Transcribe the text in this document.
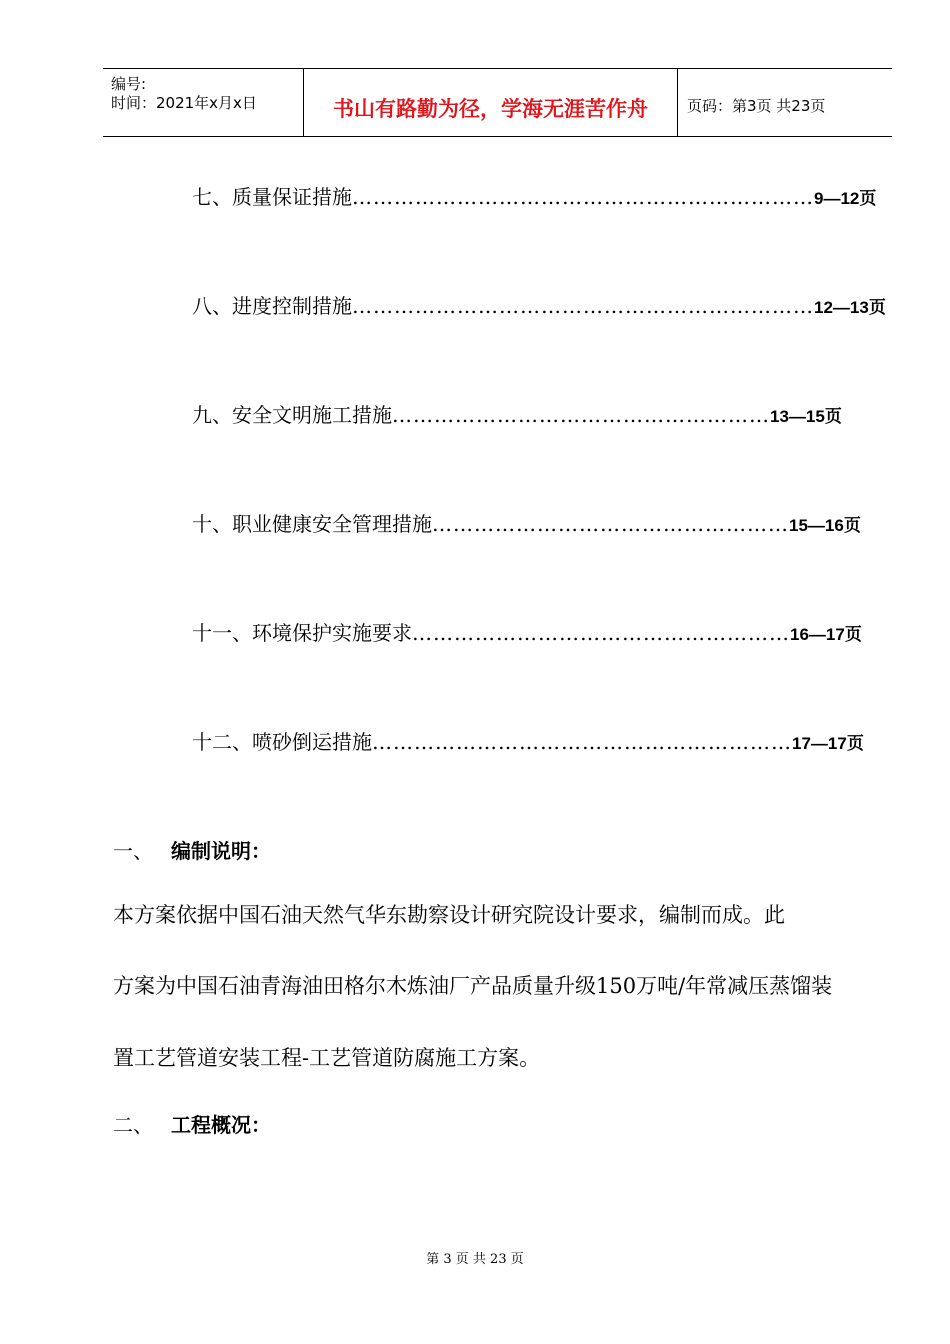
编号:
时间：2021年x月x日	书山有路勤为径，学海无涯苦作舟	页码：第3页 共23页
七、质量保证措施…………………………………………………………9—12页
八、进度控制措施…………………………………………………………12—13页
九、安全文明施工措施………………………………………………13—15页
十、职业健康安全管理措施……………………………………………15—16页
十一、环境保护实施要求………………………………………………16—17页
十二、喷砂倒运措施……………………………………………………17—17页
一、 编制说明：
本方案依据中国石油天然气华东勘察设计研究院设计要求，编制而成。此
方案为中国石油青海油田格尔木炼油厂产品质量升级150万吨/年常减压蒸馏装
置工艺管道安装工程-工艺管道防腐施工方案。
二、 工程概况：
第 3 页 共 23 页
